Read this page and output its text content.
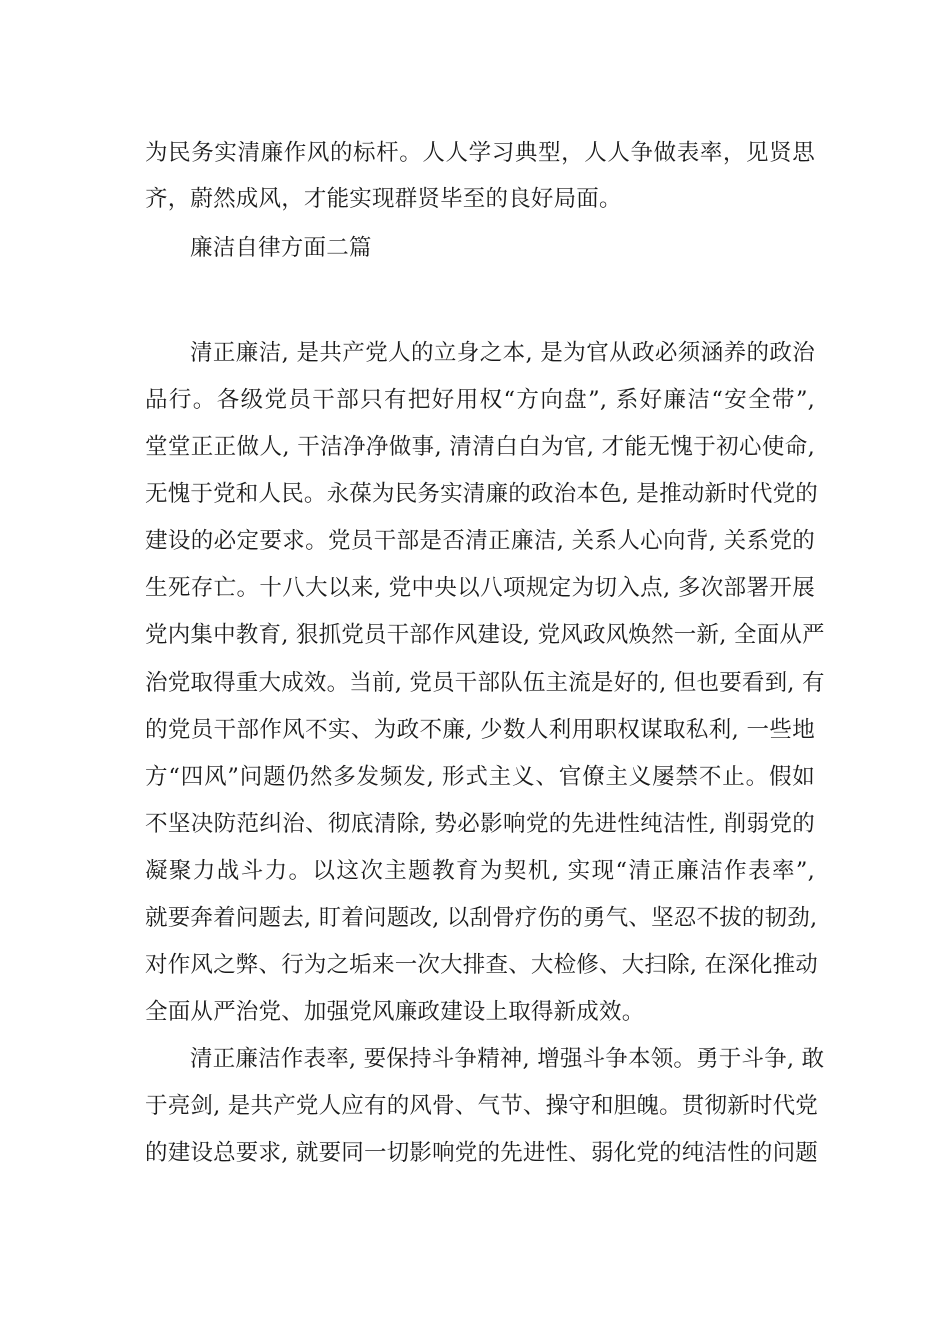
为民务实清廉作风的标杆。人人学习典型，人人争做表率，见贤思
齐，蔚然成风，才能实现群贤毕至的良好局面。
廉洁自律方面二篇
清正廉洁, 是共产党人的立身之本, 是为官从政必须涵养的政治
品行。各级党员干部只有把好用权“方向盘”, 系好廉洁“安全带”,
堂堂正正做人, 干洁净净做事, 清清白白为官, 才能无愧于初心使命,
无愧于党和人民。永葆为民务实清廉的政治本色, 是推动新时代党的
建设的必定要求。党员干部是否清正廉洁, 关系人心向背, 关系党的
生死存亡。十八大以来, 党中央以八项规定为切入点, 多次部署开展
党内集中教育, 狠抓党员干部作风建设, 党风政风焕然一新, 全面从严
治党取得重大成效。当前, 党员干部队伍主流是好的, 但也要看到, 有
的党员干部作风不实、为政不廉, 少数人利用职权谋取私利, 一些地
方“四风”问题仍然多发频发, 形式主义、官僚主义屡禁不止。假如
不坚决防范纠治、彻底清除, 势必影响党的先进性纯洁性, 削弱党的
凝聚力战斗力。以这次主题教育为契机, 实现“清正廉洁作表率”,
就要奔着问题去, 盯着问题改, 以刮骨疗伤的勇气、坚忍不拔的韧劲,
对作风之弊、行为之垢来一次大排查、大检修、大扫除, 在深化推动
全面从严治党、加强党风廉政建设上取得新成效。
清正廉洁作表率, 要保持斗争精神, 增强斗争本领。勇于斗争, 敢
于亮剑, 是共产党人应有的风骨、气节、操守和胆魄。贯彻新时代党
的建设总要求, 就要同一切影响党的先进性、弱化党的纯洁性的问题
